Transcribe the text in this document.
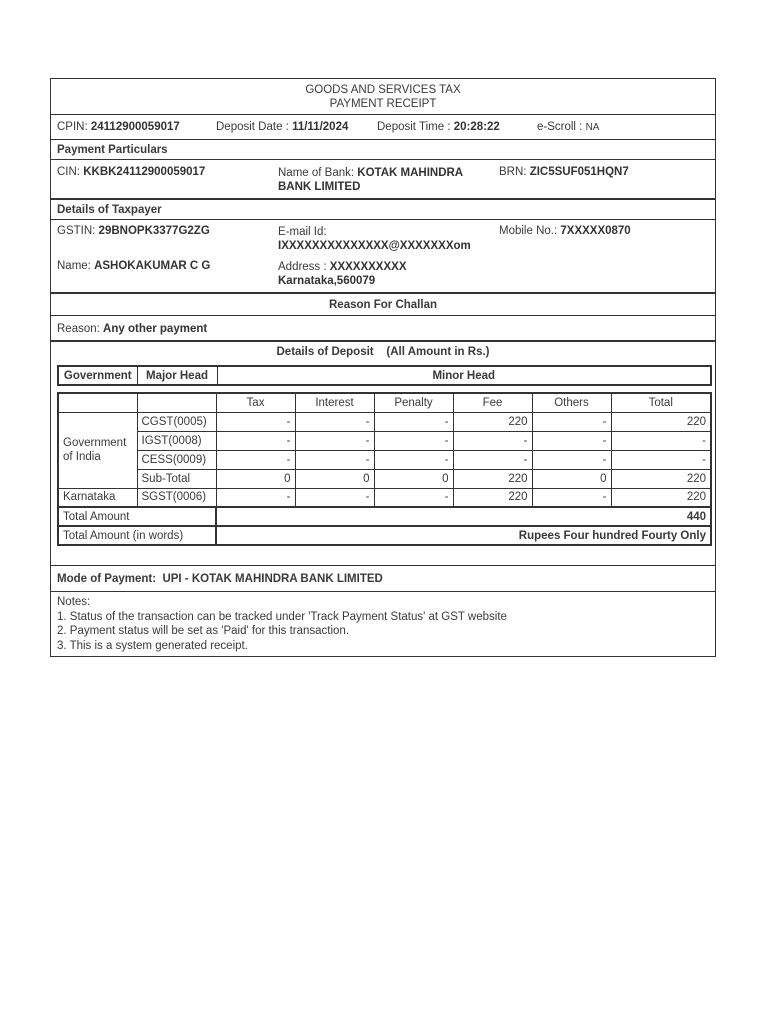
GOODS AND SERVICES TAX
PAYMENT RECEIPT
CPIN: 24112900059017	Deposit Date : 11/11/2024 Deposit Time : 20:28:22	e-Scroll : NA
Payment Particulars
CIN: KKBK24112900059017	Name of Bank: KOTAK MAHINDRA
BANK LIMITED
BRN: ZIC5SUF051HQN7
Details of Taxpayer
GSTIN: 29BNOPK3377G2ZG	E-mail Id:
IXXXXXXXXXXXXXX@XXXXXXXom
Mobile No.: 7XXXXX0870
Name: ASHOKAKUMAR C G	Address : XXXXXXXXXX
Karnataka,560079
Reason For Challan
Reason: Any other payment
Details of Deposit (All Amount in Rs.)
Government	Major Head	Minor Head
		Tax	Interest	Penalty	Fee	Others	Total
Government
of India	CGST(0005)	-	-	-	220	-	220
	IGST(0008)	-	-	-	-	-	-
	CESS(0009)	-	-	-	-	-	-
	Sub-Total	0	0	0	220	0	220
Karnataka	SGST(0006)	-	-	-	220	-	220
Total Amount		440					
Total Amount (in words)		Rupees Four hundred Fourty Only					
Mode of Payment: UPI - KOTAK MAHINDRA BANK LIMITED
Notes:
1. Status of the transaction can be tracked under 'Track Payment Status' at GST website
2. Payment status will be set as 'Paid' for this transaction.
3. This is a system generated receipt.
